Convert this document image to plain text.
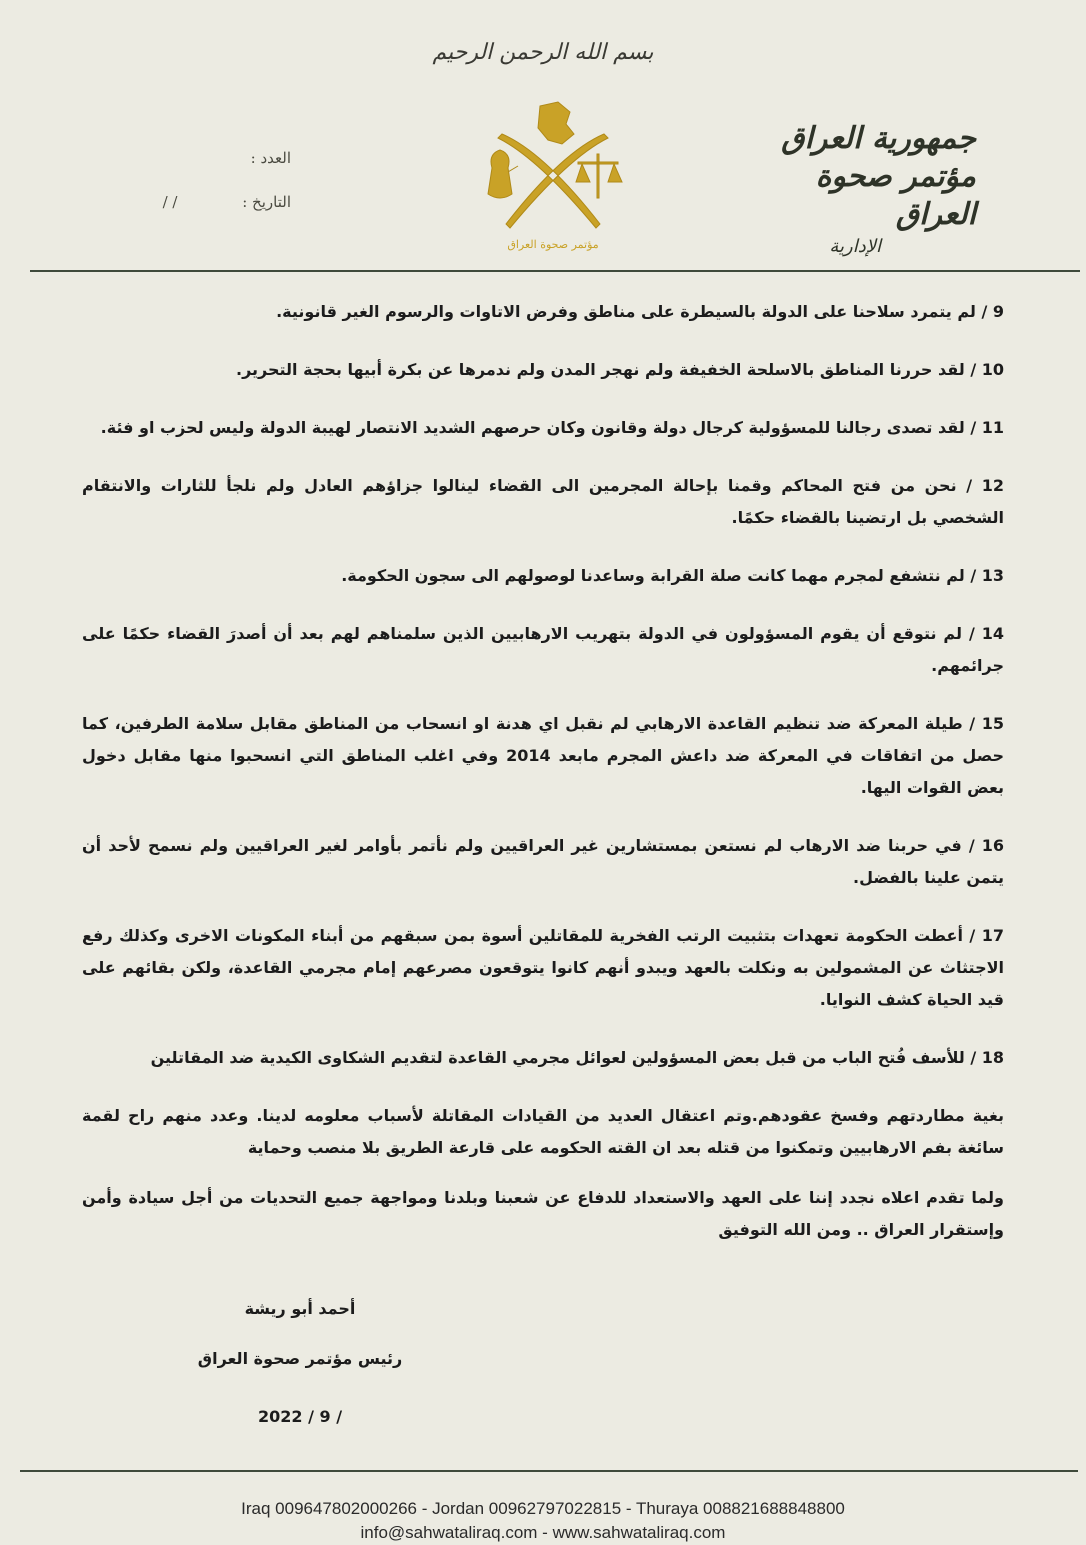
بسم الله الرحمن الرحيم
جمهورية العراق
مؤتمر صحوة العراق
الإدارية
مؤتمر صحوة العراق
العدد :
التاريخ : / /

9 / لم يتمرد سلاحنا على الدولة بالسيطرة على مناطق وفرض الاتاوات والرسوم الغير قانونية.

10 / لقد حررنا المناطق بالاسلحة الخفيفة ولم نهجر المدن ولم ندمرها عن بكرة أبيها بحجة التحرير.

11 / لقد تصدى رجالنا للمسؤولية كرجال دولة وقانون وكان حرصهم الشديد الانتصار لهيبة الدولة وليس لحزب او فئة.

12 / نحن من فتح المحاكم وقمنا بإحالة المجرمين الى القضاء لينالوا جزاؤهم العادل ولم نلجأ للثارات والانتقام الشخصي بل ارتضينا بالقضاء حكمًا.

13 / لم نتشفع لمجرم مهما كانت صلة القرابة وساعدنا لوصولهم الى سجون الحكومة.

14 / لم نتوقع أن يقوم المسؤولون في الدولة بتهريب الارهابيين الذين سلمناهم لهم بعد أن أصدرَ القضاء حكمًا على جرائمهم.

15 / طيلة المعركة ضد تنظيم القاعدة الارهابي لم نقبل اي هدنة او انسحاب من المناطق مقابل سلامة الطرفين، كما حصل من اتفاقات في المعركة ضد داعش المجرم مابعد 2014 وفي اغلب المناطق التي انسحبوا منها مقابل دخول بعض القوات اليها.

16 / في حربنا ضد الارهاب لم نستعن بمستشارين غير العراقيين ولم نأتمر بأوامر لغير العراقيين ولم نسمح لأحد أن يتمن علينا بالفضل.

17 / أعطت الحكومة تعهدات بتثبيت الرتب الفخرية للمقاتلين أسوة بمن سبقهم من أبناء المكونات الاخرى وكذلك رفع الاجتثاث عن المشمولين به ونكلت بالعهد ويبدو أنهم كانوا يتوقعون مصرعهم إمام مجرمي القاعدة، ولكن بقائهم على قيد الحياة كشف النوايا.

18 / للأسف فُتح الباب من قبل بعض المسؤولين لعوائل مجرمي القاعدة لتقديم الشكاوى الكيدية ضد المقاتلين

بغية مطاردتهم وفسخ عقودهم.وتم اعتقال العديد من القيادات المقاتلة لأسباب معلومه لدينا. وعدد منهم راح لقمة سائغة بفم الارهابيين وتمكنوا من قتله بعد ان القته الحكومه على قارعة الطريق بلا منصب وحماية

ولما تقدم اعلاه نجدد إننا على العهد والاستعداد للدفاع عن شعبنا وبلدنا ومواجهة جميع التحديات من أجل سيادة وأمن وإستقرار العراق .. ومن الله التوفيق

أحمد أبو ريشة
رئيس مؤتمر صحوة العراق
2022 / 9 /
Iraq 009647802000266 - Jordan 00962797022815 - Thuraya 008821688848800
info@sahwataliraq.com - www.sahwataliraq.com
